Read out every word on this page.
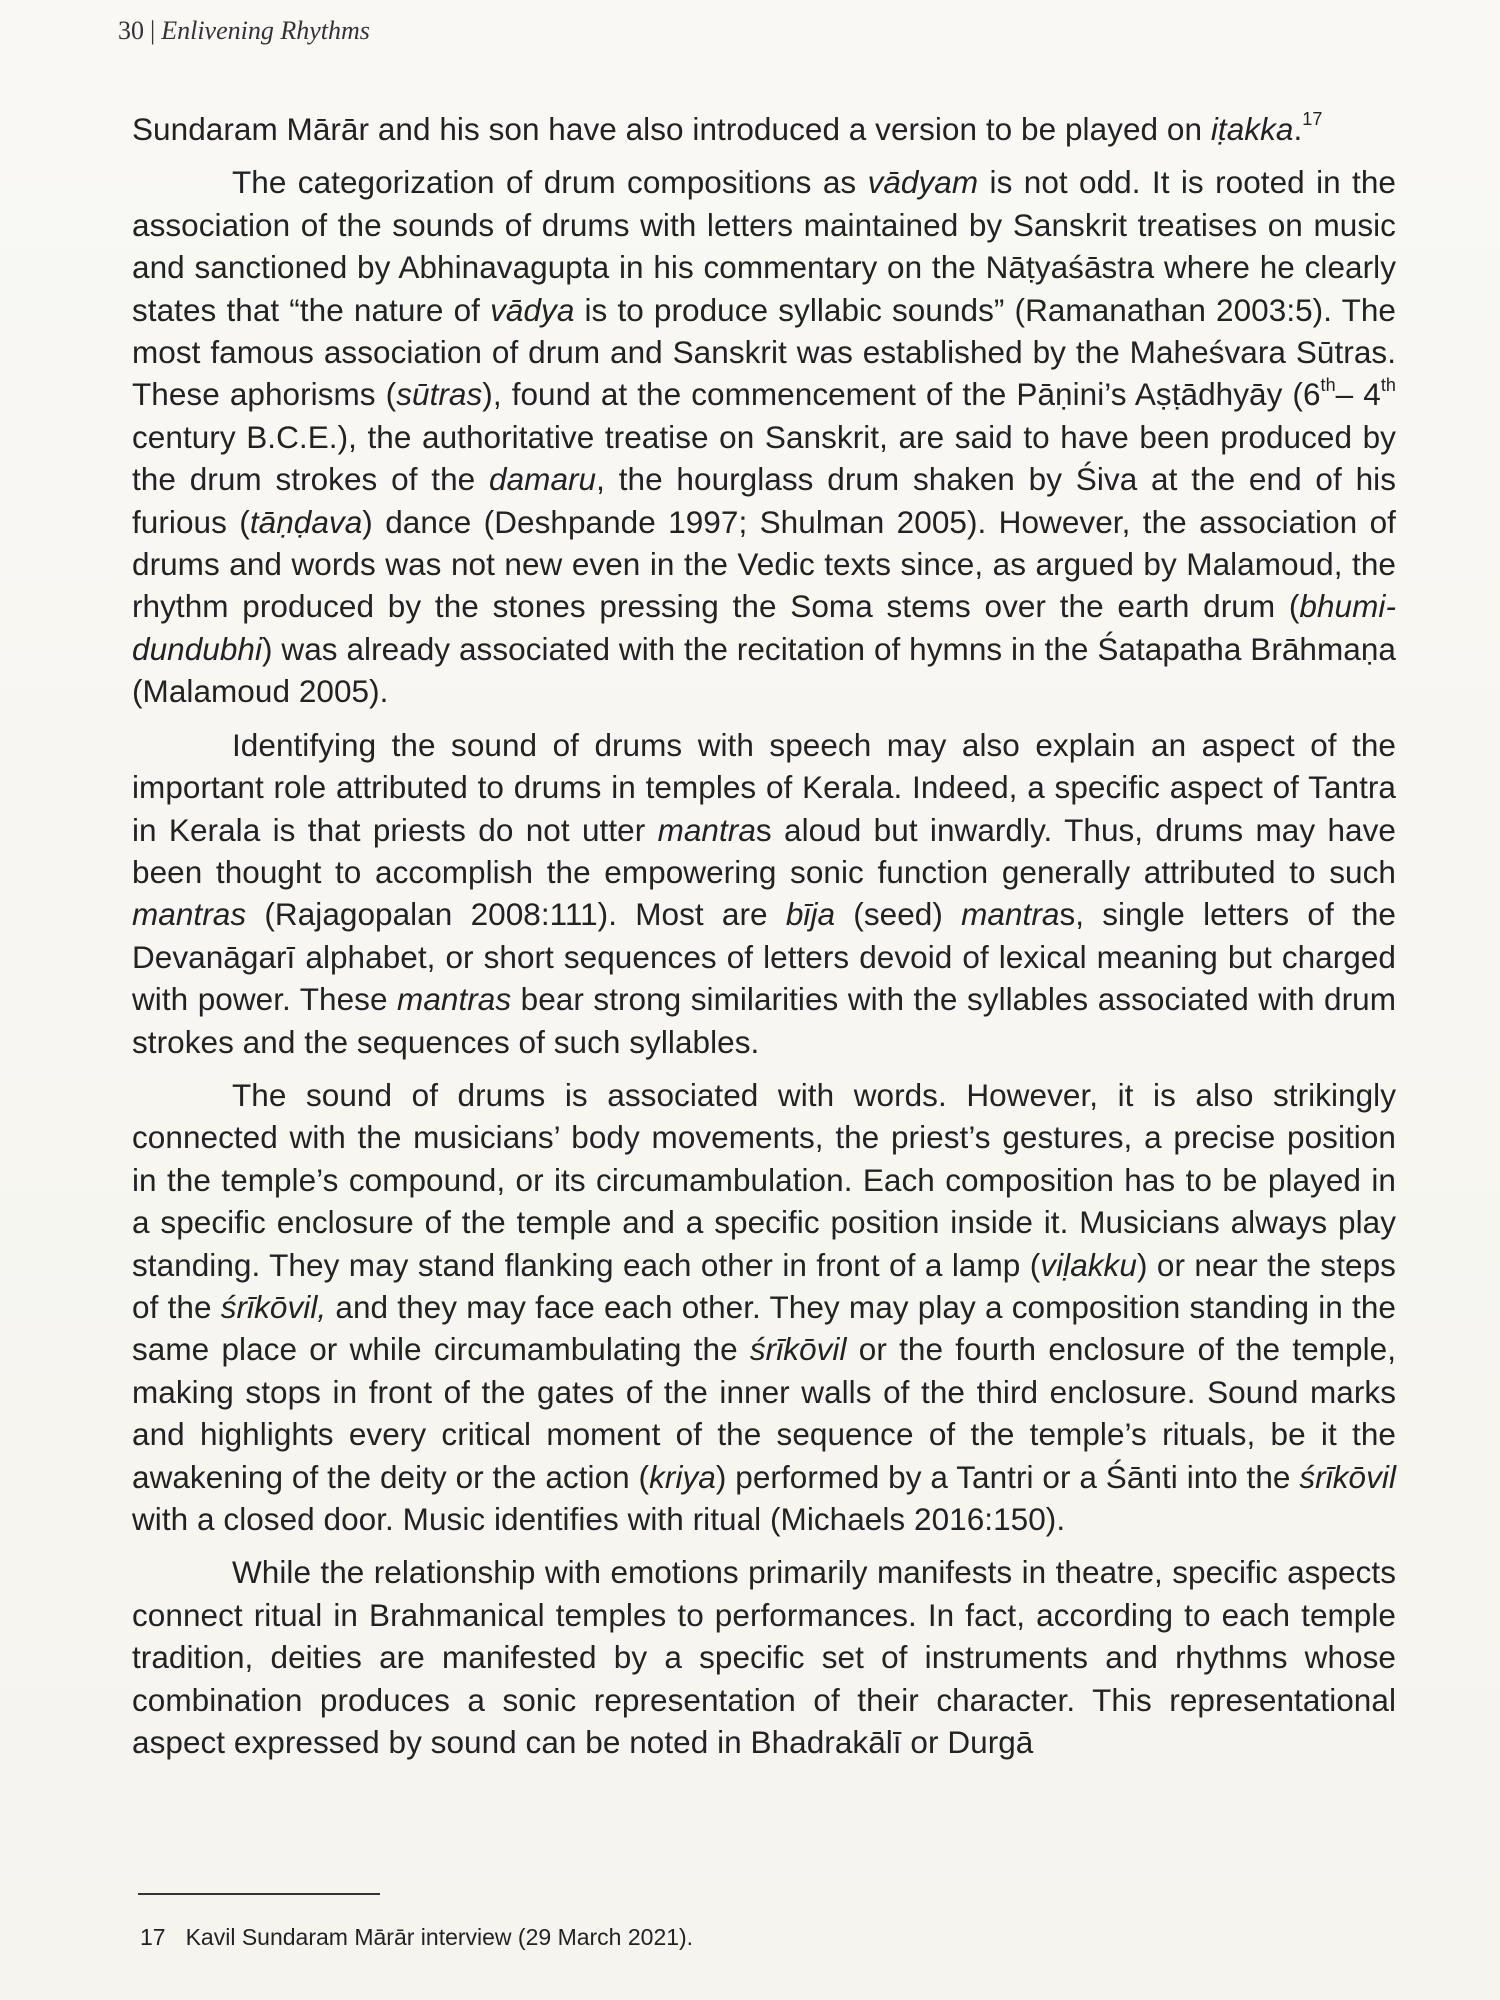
30 | Enlivening Rhythms

Sundaram Mārār and his son have also introduced a version to be played on iṭakka.$^{17}$

The categorization of drum compositions as vādyam is not odd. It is rooted in the association of the sounds of drums with letters maintained by Sanskrit treatises on music and sanctioned by Abhinavagupta in his commentary on the Nāṭyaśāstra where he clearly states that “the nature of vādya is to produce syllabic sounds” (Ramanathan 2003:5). The most famous association of drum and Sanskrit was established by the Maheśvara Sūtras. These aphorisms (sūtras), found at the commencement of the Pāṇini’s Aṣṭādhyāy (6th– 4th century B.C.E.), the authoritative treatise on Sanskrit, are said to have been produced by the drum strokes of the damaru, the hourglass drum shaken by Śiva at the end of his furious (tāṇḍava) dance (Deshpande 1997; Shulman 2005). However, the association of drums and words was not new even in the Vedic texts since, as argued by Malamoud, the rhythm produced by the stones pressing the Soma stems over the earth drum (bhumi-dundubhi) was already associated with the recitation of hymns in the Śatapatha Brāhmaṇa (Malamoud 2005).

Identifying the sound of drums with speech may also explain an aspect of the important role attributed to drums in temples of Kerala. Indeed, a specific aspect of Tantra in Kerala is that priests do not utter mantras aloud but inwardly. Thus, drums may have been thought to accomplish the empowering sonic function generally attributed to such mantras (Rajagopalan 2008:111). Most are bīja (seed) mantras, single letters of the Devanāgarī alphabet, or short sequences of letters devoid of lexical meaning but charged with power. These mantras bear strong similarities with the syllables associated with drum strokes and the sequences of such syllables.

The sound of drums is associated with words. However, it is also strikingly connected with the musicians’ body movements, the priest’s gestures, a precise position in the temple’s compound, or its circumambulation. Each composition has to be played in a specific enclosure of the temple and a specific position inside it. Musicians always play standing. They may stand flanking each other in front of a lamp (viḷakku) or near the steps of the śrīkōvil, and they may face each other. They may play a composition standing in the same place or while circumambulating the śrīkōvil or the fourth enclosure of the temple, making stops in front of the gates of the inner walls of the third enclosure. Sound marks and highlights every critical moment of the sequence of the temple’s rituals, be it the awakening of the deity or the action (kriya) performed by a Tantri or a Śānti into the śrīkōvil with a closed door. Music identifies with ritual (Michaels 2016:150).

While the relationship with emotions primarily manifests in theatre, specific aspects connect ritual in Brahmanical temples to performances. In fact, according to each temple tradition, deities are manifested by a specific set of instruments and rhythms whose combination produces a sonic representation of their character. This representational aspect expressed by sound can be noted in Bhadrakālī or Durgā

17 Kavil Sundaram Mārār interview (29 March 2021).
